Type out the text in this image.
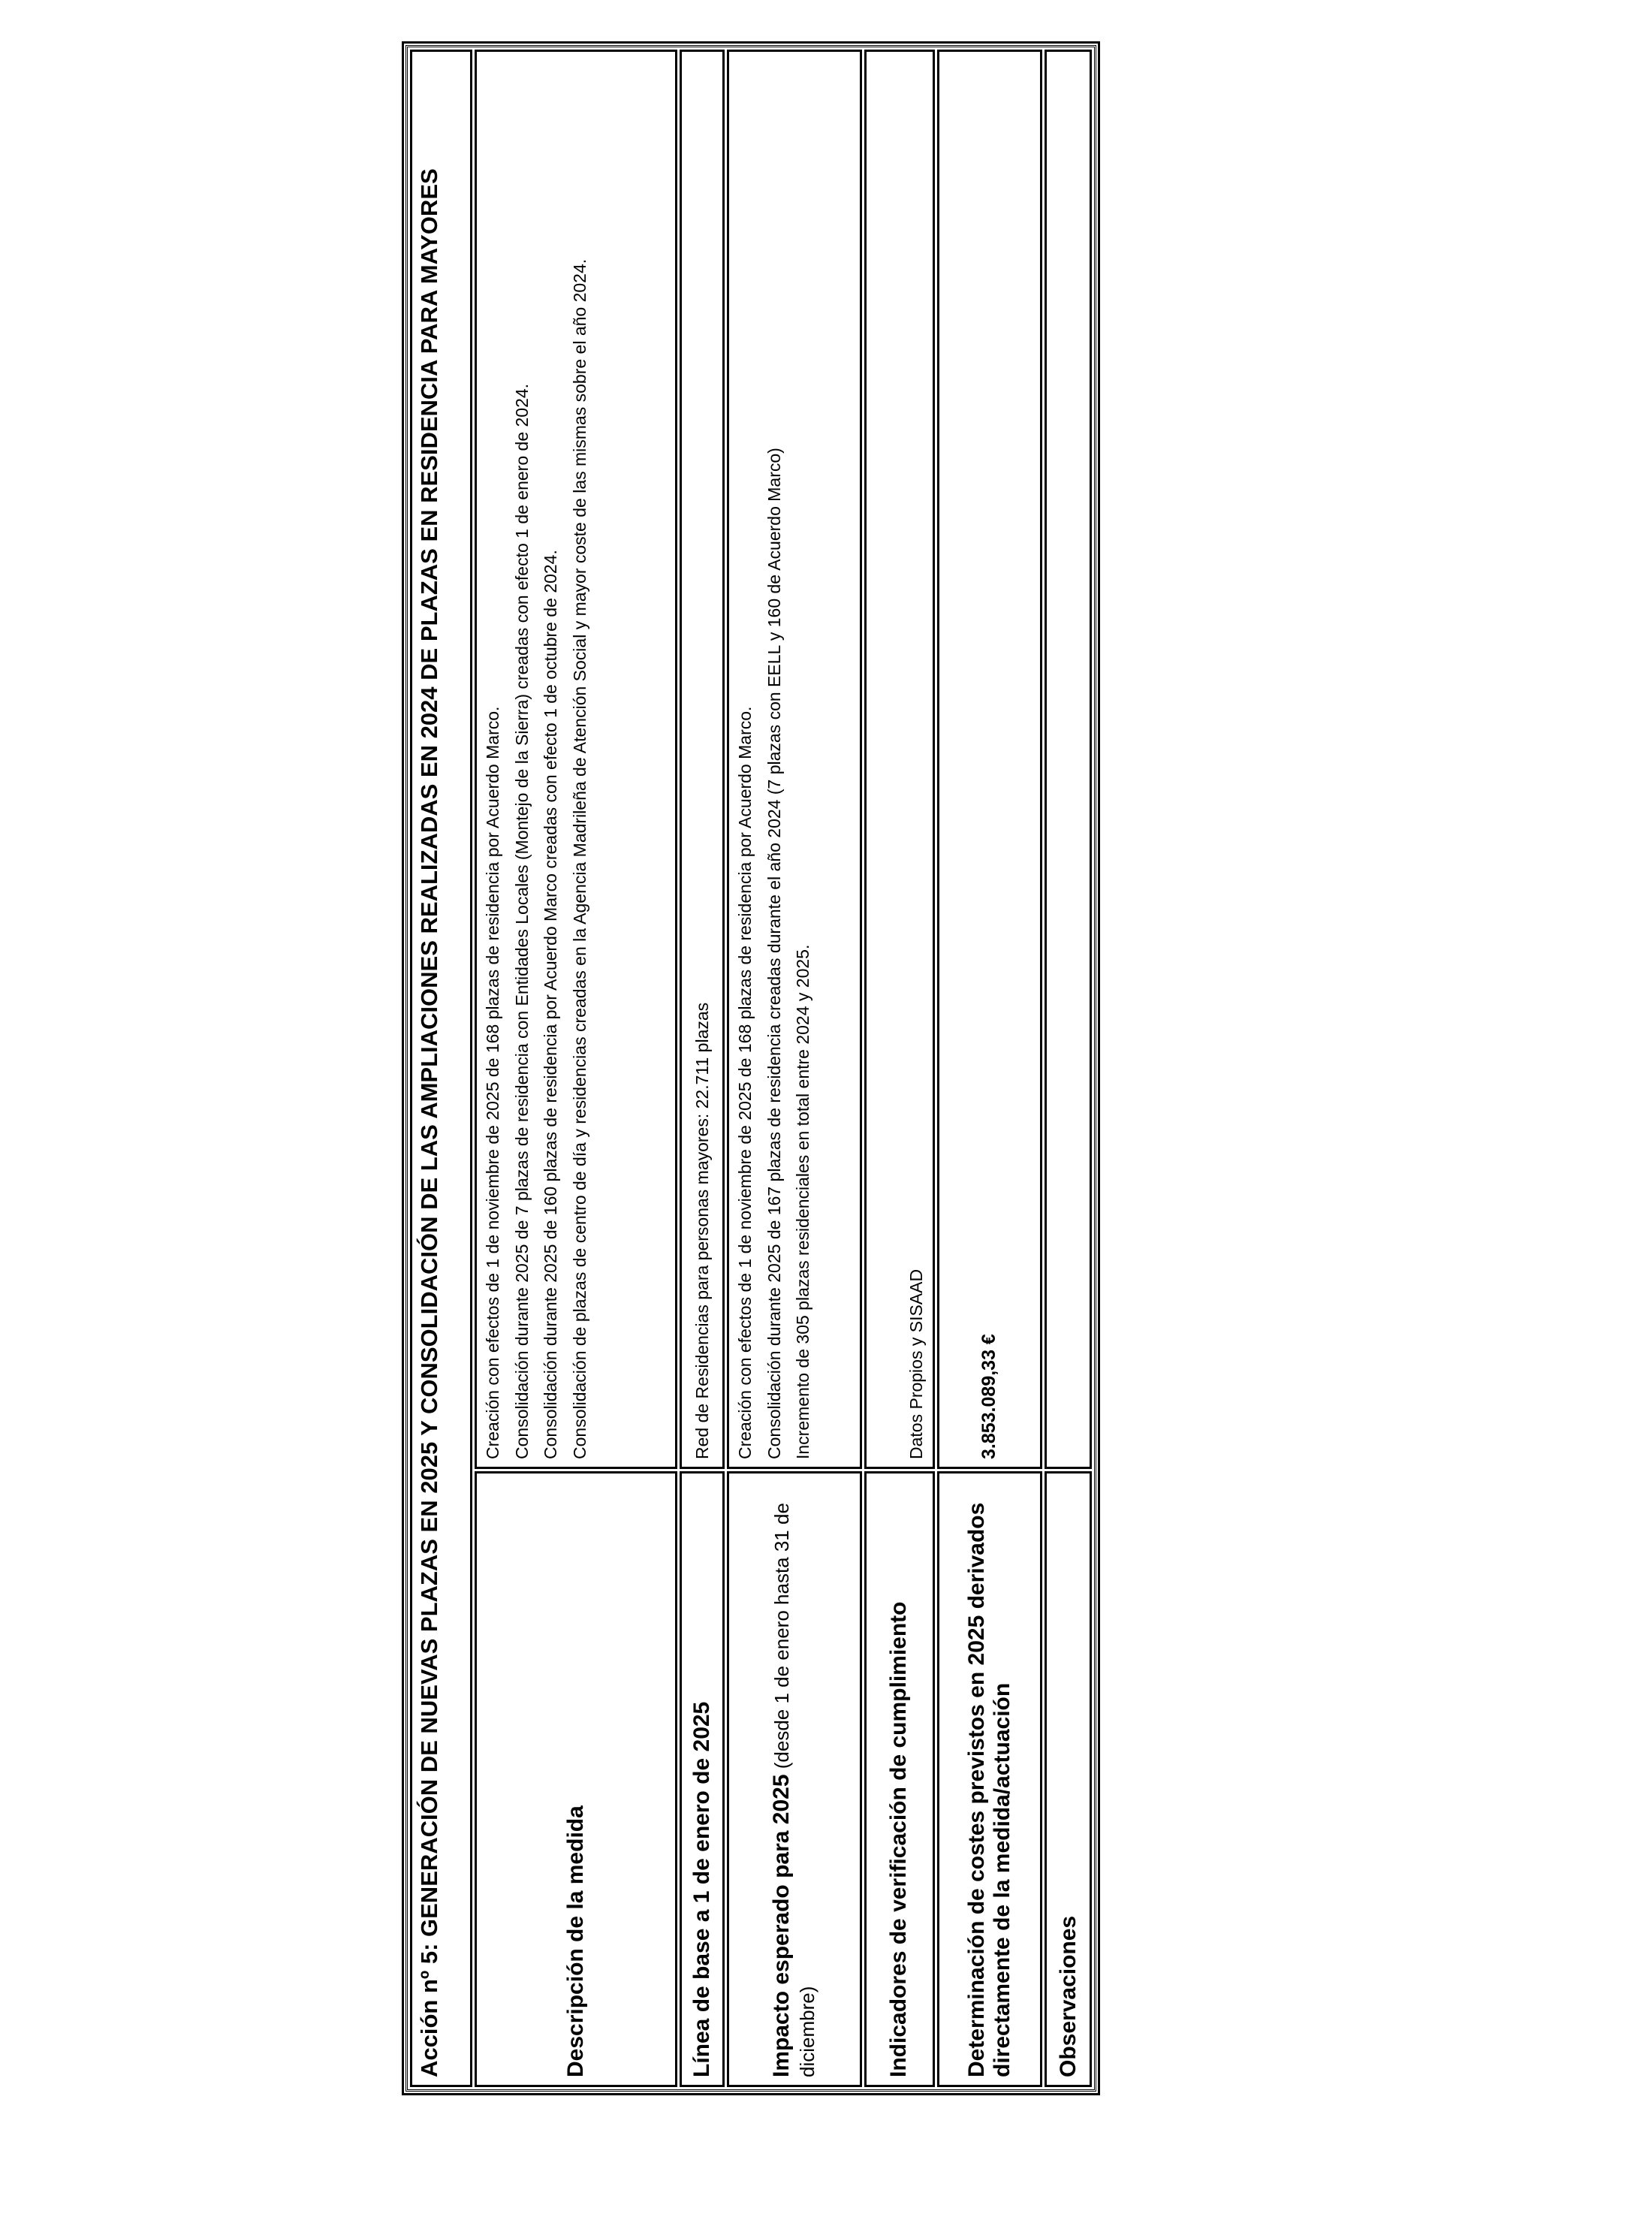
Acción nº 5: GENERACIÓN DE NUEVAS PLAZAS EN 2025 Y CONSOLIDACIÓN DE LAS AMPLIACIONES REALIZADAS EN 2024 DE PLAZAS EN RESIDENCIA PARA MAYORES	
Descripción de la medida	Creación con efectos de 1 de noviembre de 2025 de 168 plazas de residencia por Acuerdo Marco. Consolidación durante 2025 de 7 plazas de residencia con Entidades Locales (Montejo de la Sierra) creadas con efecto 1 de enero de 2024. Consolidación durante 2025 de 160 plazas de residencia por Acuerdo Marco creadas con efecto 1 de octubre de 2024. Consolidación de plazas de centro de día y residencias creadas en la Agencia Madrileña de Atención Social y mayor coste de las mismas sobre el año 2024.

Línea de base a 1 de enero de 2025	Red de Residencias para personas mayores: 22.711 plazas
Impacto esperado para 2025 (desde 1 de enero hasta 31 de diciembre)	Creación con efectos de 1 de noviembre de 2025 de 168 plazas de residencia por Acuerdo Marco. Consolidación durante 2025 de 167 plazas de residencia creadas durante el año 2024 (7 plazas con EELL y 160 de Acuerdo Marco) Incremento de 305 plazas residenciales en total entre 2024 y 2025.

Indicadores de verificación de cumplimiento	Datos Propios y SISAAD
Determinación de costes previstos en 2025 derivados directamente de la medida/actuación	3.853.089,33 €
Observaciones	
